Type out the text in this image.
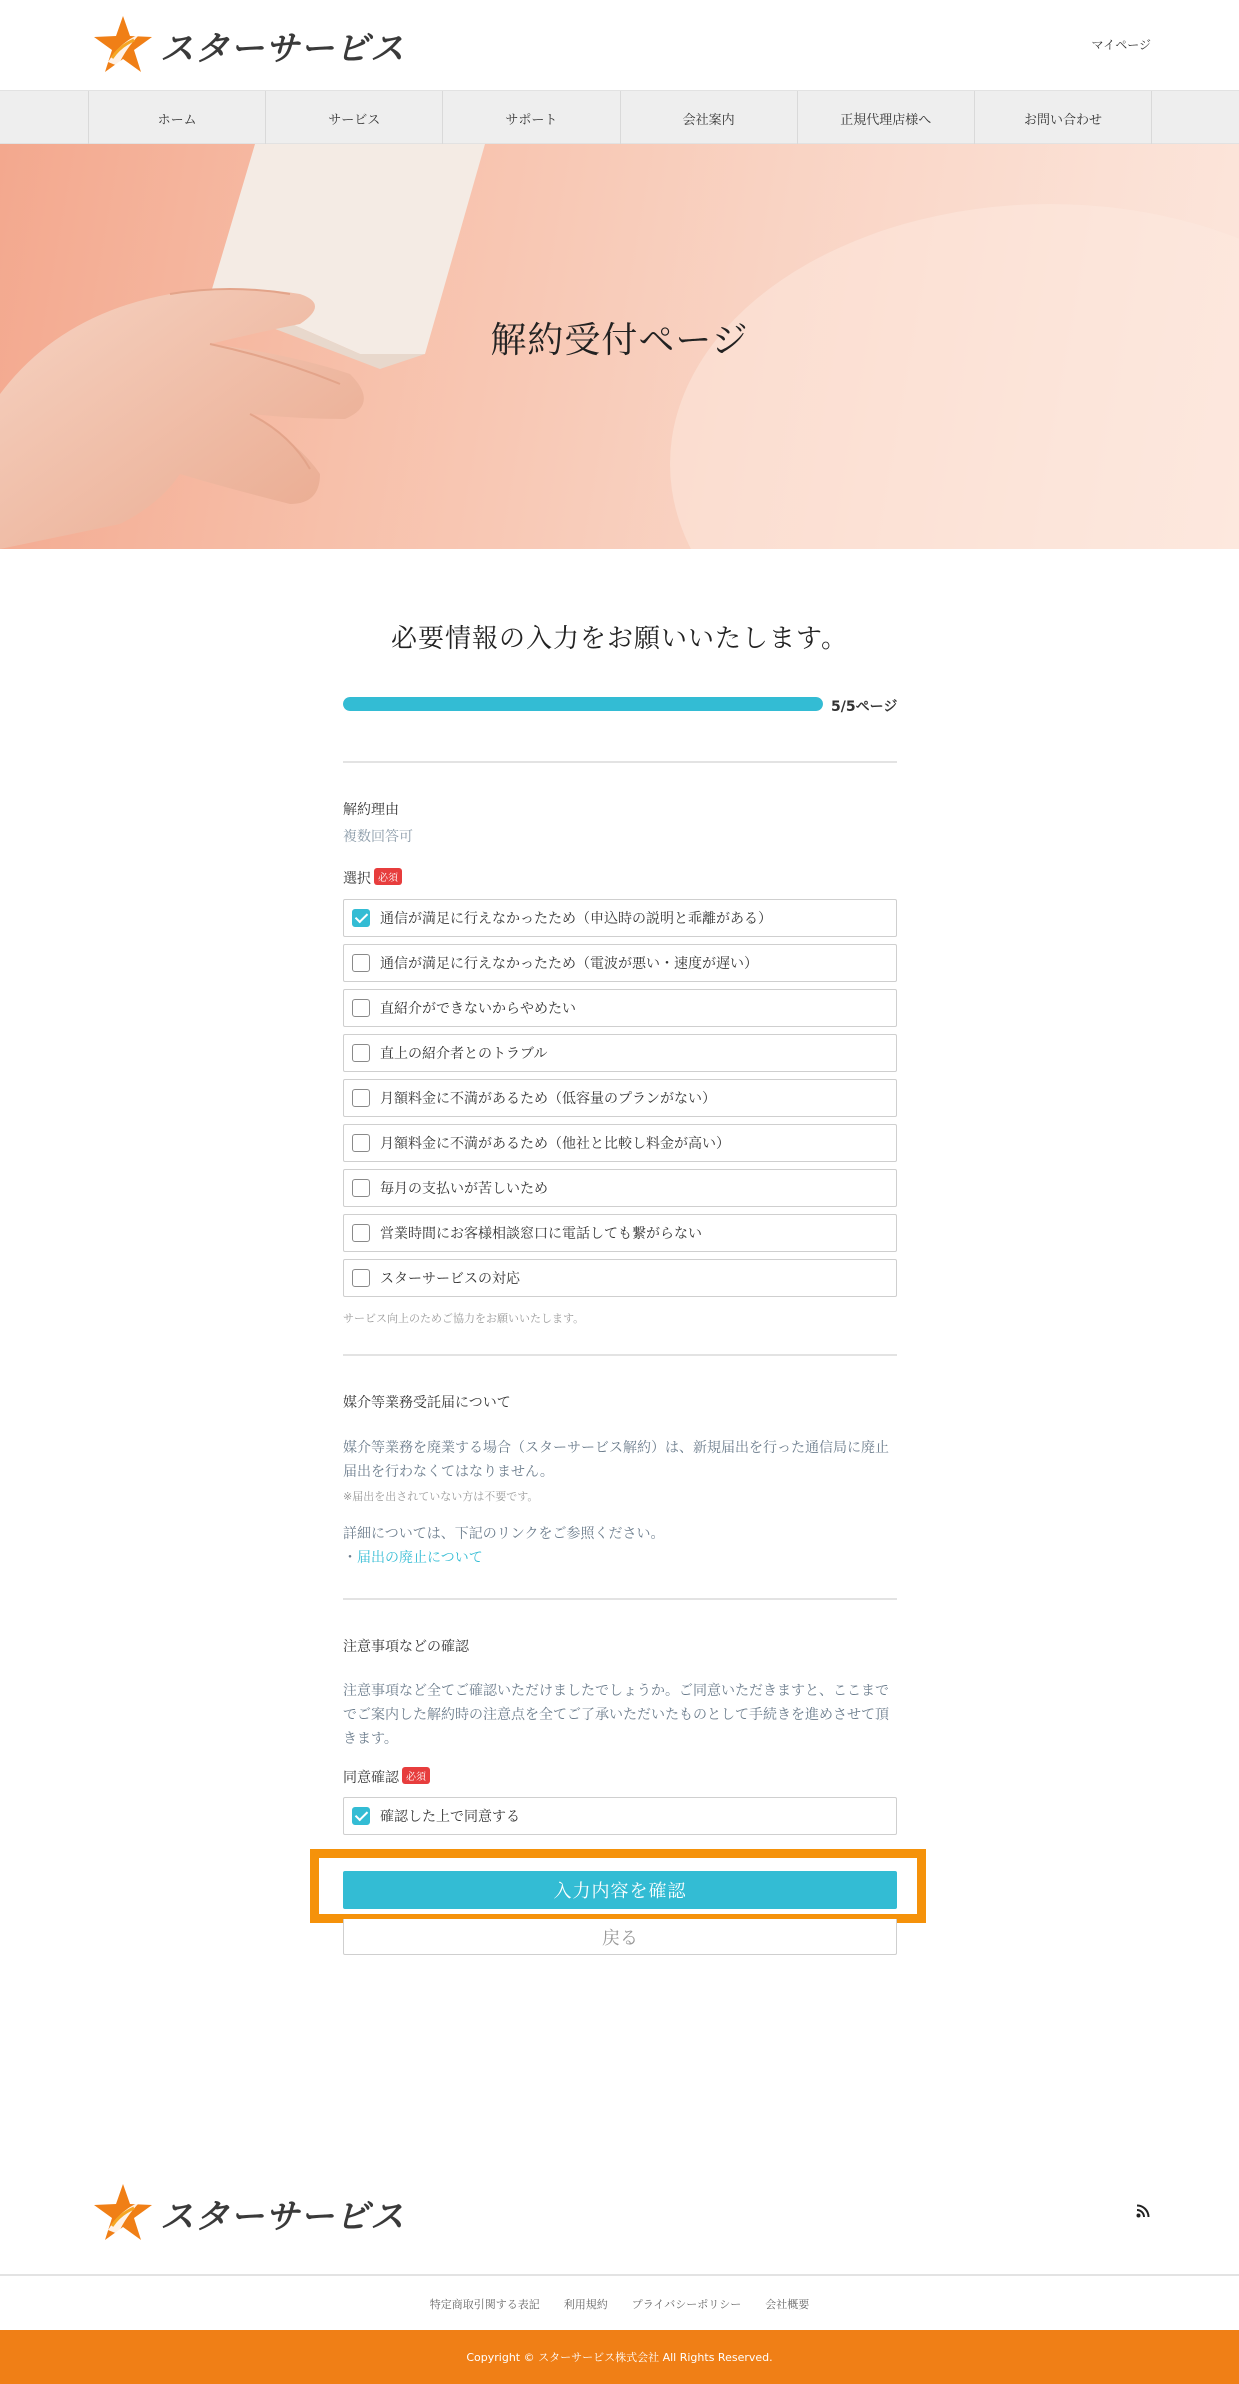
スターサービス	マイページ
ホーム	サービス	サポート	会社案内	正規代理店様へ	お問い合わせ
解約受付ページ
必要情報の入力をお願いいたします。
5/5ページ
解約理由
複数回答可
選択 必須
通信が満足に行えなかったため（申込時の説明と乖離がある）
通信が満足に行えなかったため（電波が悪い・速度が遅い）
直紹介ができないからやめたい
直上の紹介者とのトラブル
月額料金に不満があるため（低容量のプランがない）
月額料金に不満があるため（他社と比較し料金が高い）
毎月の支払いが苦しいため
営業時間にお客様相談窓口に電話しても繋がらない
スターサービスの対応
サービス向上のためご協力をお願いいたします。
媒介等業務受託届について
媒介等業務を廃業する場合（スターサービス解約）は、新規届出を行った通信局に廃止届出を行わなくてはなりません。
※届出を出されていない方は不要です。
詳細については、下記のリンクをご参照ください。
・届出の廃止について
注意事項などの確認
注意事項など全てご確認いただけましたでしょうか。ご同意いただきますと、ここまででご案内した解約時の注意点を全てご了承いただいたものとして手続きを進めさせて頂きます。
同意確認 必須
確認した上で同意する
入力内容を確認
戻る
スターサービス
特定商取引関する表記 利用規約 プライバシーポリシー 会社概要
Copyright © スターサービス株式会社 All Rights Reserved.
